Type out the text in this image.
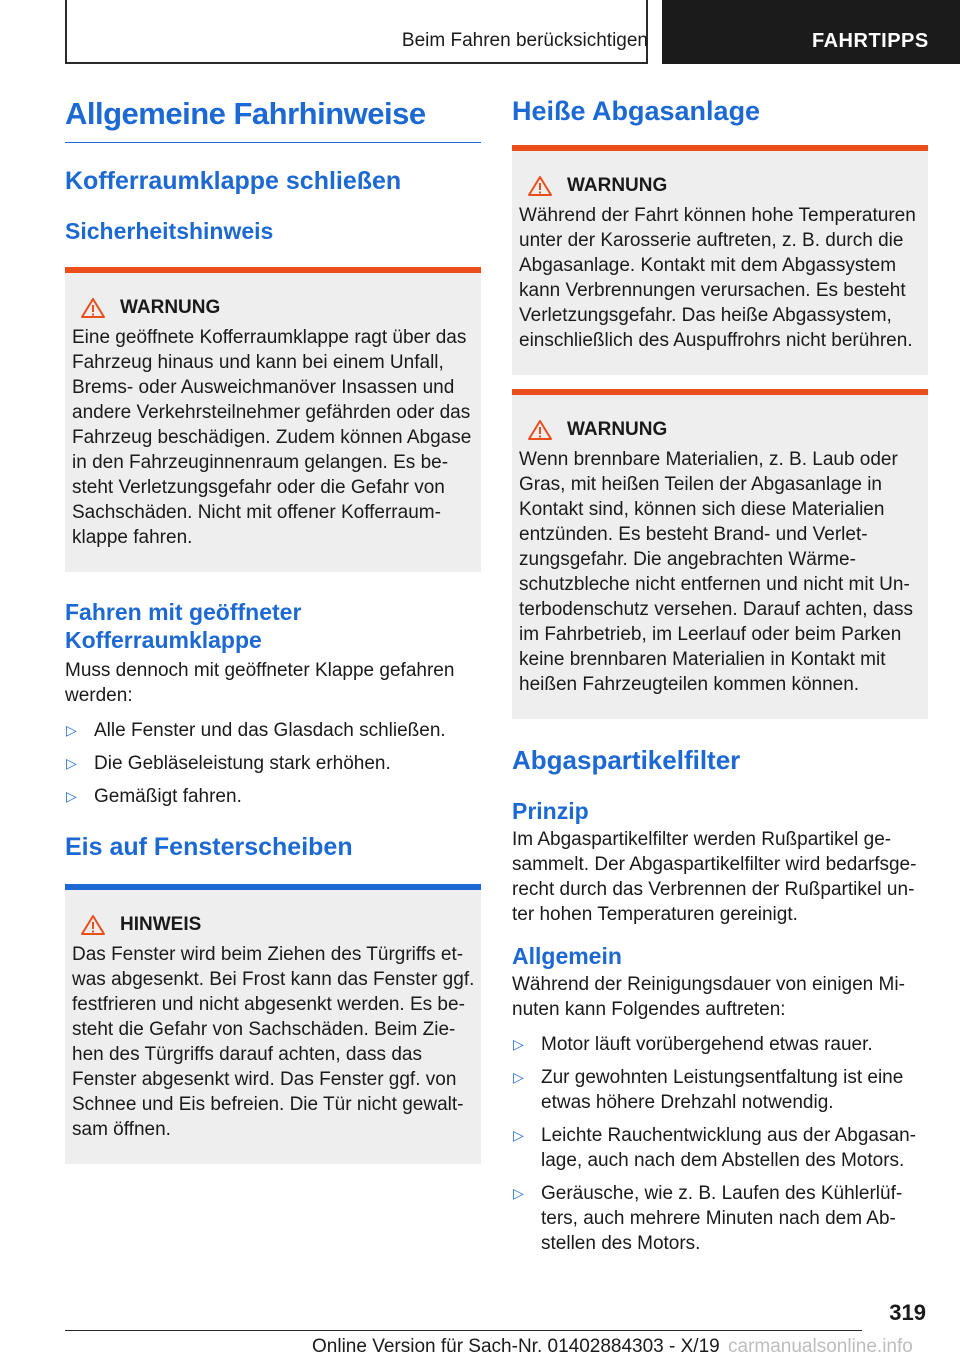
Beim Fahren berücksichtigen	FAHRTIPPS
Allgemeine Fahrhinweise
Kofferraumklappe schließen
Sicherheitshinweis
WARNUNG
Eine geöffnete Kofferraumklappe ragt über das Fahrzeug hinaus und kann bei einem Unfall, Brems- oder Ausweichmanöver Insassen und andere Verkehrsteilnehmer gefährden oder das Fahrzeug beschädigen. Zudem können Abgase in den Fahrzeuginnenraum gelangen. Es besteht Verletzungsgefahr oder die Gefahr von Sachschäden. Nicht mit offener Kofferraumklappe fahren.
Fahren mit geöffneter Kofferraumklappe

Muss dennoch mit geöffneter Klappe gefahren werden:

▷ Alle Fenster und das Glasdach schließen.
▷ Die Gebläseleistung stark erhöhen.
▷ Gemäßigt fahren.
Eis auf Fensterscheiben
HINWEIS
Das Fenster wird beim Ziehen des Türgriffs etwas abgesenkt. Bei Frost kann das Fenster ggf. festfrieren und nicht abgesenkt werden. Es besteht die Gefahr von Sachschäden. Beim Ziehen des Türgriffs darauf achten, dass das Fenster abgesenkt wird. Das Fenster ggf. von Schnee und Eis befreien. Die Tür nicht gewaltsam öffnen.
Heiße Abgasanlage
WARNUNG
Während der Fahrt können hohe Temperaturen unter der Karosserie auftreten, z. B. durch die Abgasanlage. Kontakt mit dem Abgassystem kann Verbrennungen verursachen. Es besteht Verletzungsgefahr. Das heiße Abgassystem, einschließlich des Auspuffrohrs nicht berühren.
WARNUNG
Wenn brennbare Materialien, z. B. Laub oder Gras, mit heißen Teilen der Abgasanlage in Kontakt sind, können sich diese Materialien entzünden. Es besteht Brand- und Verletzungsgefahr. Die angebrachten Wärmeschutzbleche nicht entfernen und nicht mit Unterbodenschutz versehen. Darauf achten, dass im Fahrbetrieb, im Leerlauf oder beim Parken keine brennbaren Materialien in Kontakt mit heißen Fahrzeugteilen kommen können.
Abgaspartikelfilter
Prinzip

Im Abgaspartikelfilter werden Rußpartikel gesammelt. Der Abgaspartikelfilter wird bedarfsgerecht durch das Verbrennen der Rußpartikel unter hohen Temperaturen gereinigt.

Allgemein

Während der Reinigungsdauer von einigen Minuten kann Folgendes auftreten:

▷ Motor läuft vorübergehend etwas rauer.
▷ Zur gewohnten Leistungsentfaltung ist eine etwas höhere Drehzahl notwendig.
▷ Leichte Rauchentwicklung aus der Abgasanlage, auch nach dem Abstellen des Motors.
▷ Geräusche, wie z. B. Laufen des Kühlerlüfters, auch mehrere Minuten nach dem Abstellen des Motors.
319
Online Version für Sach-Nr. 01402884303 - X/19 carmanualsonline.info
